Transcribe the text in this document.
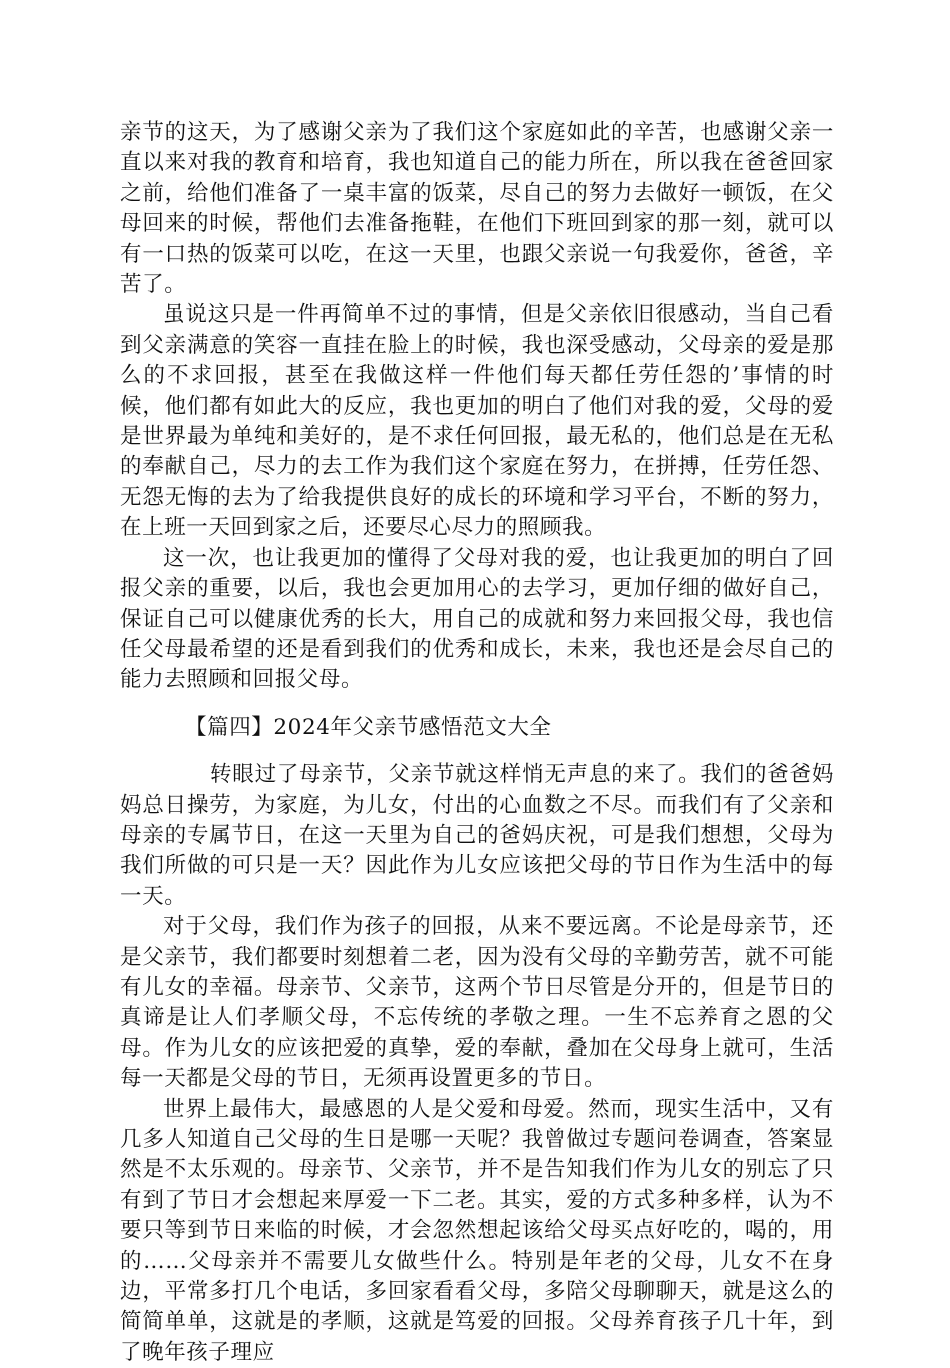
亲节的这天，为了感谢父亲为了我们这个家庭如此的辛苦，也感谢父亲一直以来对我的教育和培育，我也知道自己的能力所在，所以我在爸爸回家之前，给他们准备了一桌丰富的饭菜，尽自己的努力去做好一顿饭，在父母回来的时候，帮他们去准备拖鞋，在他们下班回到家的那一刻，就可以有一口热的饭菜可以吃，在这一天里，也跟父亲说一句我爱你，爸爸，辛苦了。

虽说这只是一件再简单不过的事情，但是父亲依旧很感动，当自己看到父亲满意的笑容一直挂在脸上的时候，我也深受感动，父母亲的爱是那么的不求回报，甚至在我做这样一件他们每天都任劳任怨的’事情的时候，他们都有如此大的反应，我也更加的明白了他们对我的爱，父母的爱是世界最为单纯和美好的，是不求任何回报，最无私的，他们总是在无私的奉献自己，尽力的去工作为我们这个家庭在努力，在拼搏，任劳任怨、无怨无悔的去为了给我提供良好的成长的环境和学习平台，不断的努力，在上班一天回到家之后，还要尽心尽力的照顾我。

这一次，也让我更加的懂得了父母对我的爱，也让我更加的明白了回报父亲的重要，以后，我也会更加用心的去学习，更加仔细的做好自己，保证自己可以健康优秀的长大，用自己的成就和努力来回报父母，我也信任父母最希望的还是看到我们的优秀和成长，未来，我也还是会尽自己的能力去照顾和回报父母。

【篇四】2024年父亲节感悟范文大全

转眼过了母亲节，父亲节就这样悄无声息的来了。我们的爸爸妈妈总日操劳，为家庭，为儿女，付出的心血数之不尽。而我们有了父亲和母亲的专属节日，在这一天里为自己的爸妈庆祝，可是我们想想，父母为我们所做的可只是一天？因此作为儿女应该把父母的节日作为生活中的每一天。

对于父母，我们作为孩子的回报，从来不要远离。不论是母亲节，还是父亲节，我们都要时刻想着二老，因为没有父母的辛勤劳苦，就不可能有儿女的幸福。母亲节、父亲节，这两个节日尽管是分开的，但是节日的真谛是让人们孝顺父母，不忘传统的孝敬之理。一生不忘养育之恩的父母。作为儿女的应该把爱的真挚，爱的奉献，叠加在父母身上就可，生活每一天都是父母的节日，无须再设置更多的节日。

世界上最伟大，最感恩的人是父爱和母爱。然而，现实生活中，又有几多人知道自己父母的生日是哪一天呢？我曾做过专题问卷调查，答案显然是不太乐观的。母亲节、父亲节，并不是告知我们作为儿女的别忘了只有到了节日才会想起来厚爱一下二老。其实，爱的方式多种多样，认为不要只等到节日来临的时候，才会忽然想起该给父母买点好吃的，喝的，用的……父母亲并不需要儿女做些什么。特别是年老的父母，儿女不在身边，平常多打几个电话，多回家看看父母，多陪父母聊聊天，就是这么的简简单单，这就是的孝顺，这就是笃爱的回报。父母养育孩子几十年，到了晚年孩子理应
